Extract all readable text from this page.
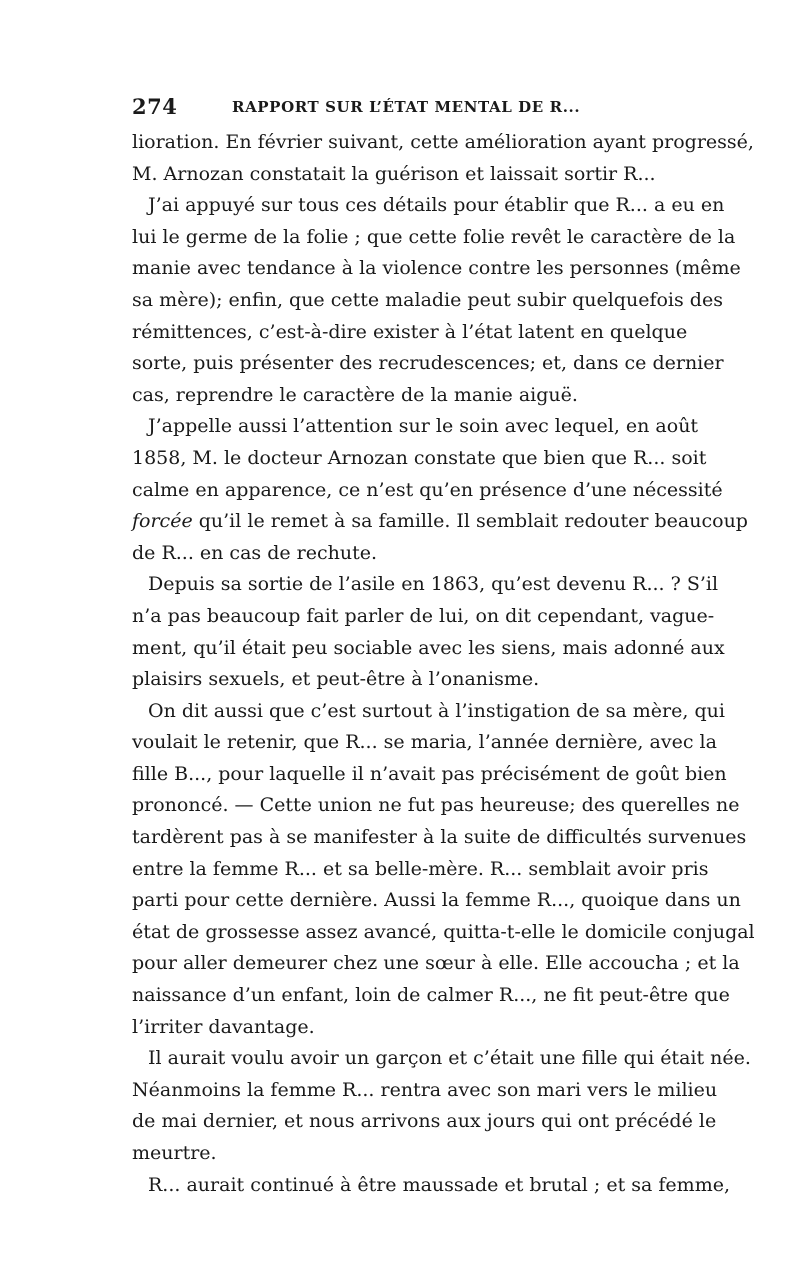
274	RAPPORT SUR L’ÉTAT MENTAL DE R...

lioration. En février suivant, cette amélioration ayant progressé,
M. Arnozan constatait la guérison et laissait sortir R...

J’ai appuyé sur tous ces détails pour établir que R... a eu en
lui le germe de la folie ; que cette folie revêt le caractère de la
manie avec tendance à la violence contre les personnes (même
sa mère); enfin, que cette maladie peut subir quelquefois des
rémittences, c’est-à-dire exister à l’état latent en quelque
sorte, puis présenter des recrudescences; et, dans ce dernier
cas, reprendre le caractère de la manie aiguë.

J’appelle aussi l’attention sur le soin avec lequel, en août
1858, M. le docteur Arnozan constate que bien que R... soit
calme en apparence, ce n’est qu’en présence d’une nécessité
forcée qu’il le remet à sa famille. Il semblait redouter beaucoup
de R... en cas de rechute.

Depuis sa sortie de l’asile en 1863, qu’est devenu R... ? S’il
n’a pas beaucoup fait parler de lui, on dit cependant, vague-
ment, qu’il était peu sociable avec les siens, mais adonné aux
plaisirs sexuels, et peut-être à l’onanisme.

On dit aussi que c’est surtout à l’instigation de sa mère, qui
voulait le retenir, que R... se maria, l’année dernière, avec la
fille B..., pour laquelle il n’avait pas précisément de goût bien
prononcé. — Cette union ne fut pas heureuse; des querelles ne
tardèrent pas à se manifester à la suite de difficultés survenues
entre la femme R... et sa belle-mère. R... semblait avoir pris
parti pour cette dernière. Aussi la femme R..., quoique dans un
état de grossesse assez avancé, quitta-t-elle le domicile conjugal
pour aller demeurer chez une sœur à elle. Elle accoucha ; et la
naissance d’un enfant, loin de calmer R..., ne fit peut-être que
l’irriter davantage.

Il aurait voulu avoir un garçon et c’était une fille qui était née.
Néanmoins la femme R... rentra avec son mari vers le milieu
de mai dernier, et nous arrivons aux jours qui ont précédé le
meurtre.

R... aurait continué à être maussade et brutal ; et sa femme,
